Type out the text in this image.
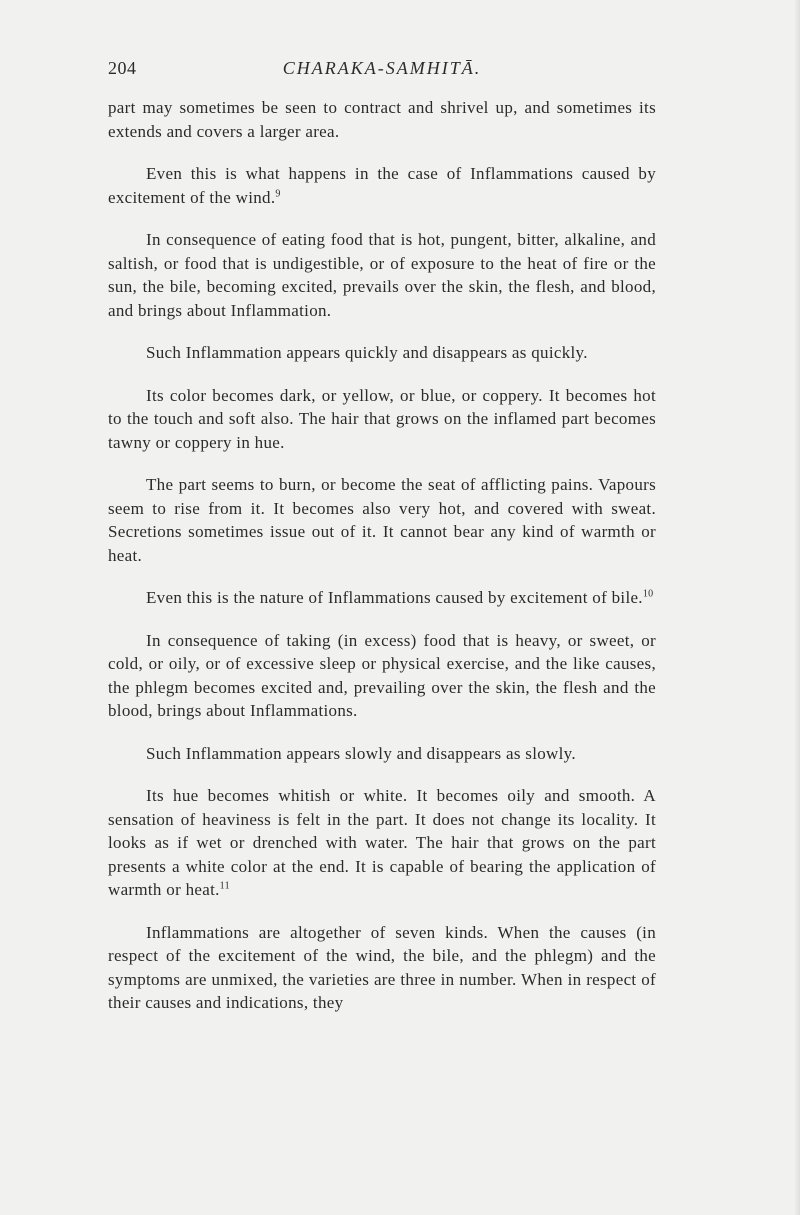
204	CHARAKA-SAMHITĀ.

part may sometimes be seen to contract and shrivel up, and sometimes its extends and covers a larger area.

Even this is what happens in the case of Inflammations caused by excitement of the wind.$^9$

In consequence of eating food that is hot, pungent, bitter, alkaline, and saltish, or food that is undigestible, or of exposure to the heat of fire or the sun, the bile, becoming excited, prevails over the skin, the flesh, and blood, and brings about Inflammation.

Such Inflammation appears quickly and disappears as quickly.

Its color becomes dark, or yellow, or blue, or coppery. It becomes hot to the touch and soft also. The hair that grows on the inflamed part becomes tawny or coppery in hue.

The part seems to burn, or become the seat of afflicting pains. Vapours seem to rise from it. It becomes also very hot, and covered with sweat. Secretions sometimes issue out of it. It cannot bear any kind of warmth or heat.

Even this is the nature of Inflammations caused by excitement of bile.$^{10}$

In consequence of taking (in excess) food that is heavy, or sweet, or cold, or oily, or of excessive sleep or physical exercise, and the like causes, the phlegm becomes excited and, prevailing over the skin, the flesh and the blood, brings about Inflammations.

Such Inflammation appears slowly and disappears as slowly.

Its hue becomes whitish or white. It becomes oily and smooth. A sensation of heaviness is felt in the part. It does not change its locality. It looks as if wet or drenched with water. The hair that grows on the part presents a white color at the end. It is capable of bearing the application of warmth or heat.$^{11}$

Inflammations are altogether of seven kinds. When the causes (in respect of the excitement of the wind, the bile, and the phlegm) and the symptoms are unmixed, the varieties are three in number. When in respect of their causes and indications, they
